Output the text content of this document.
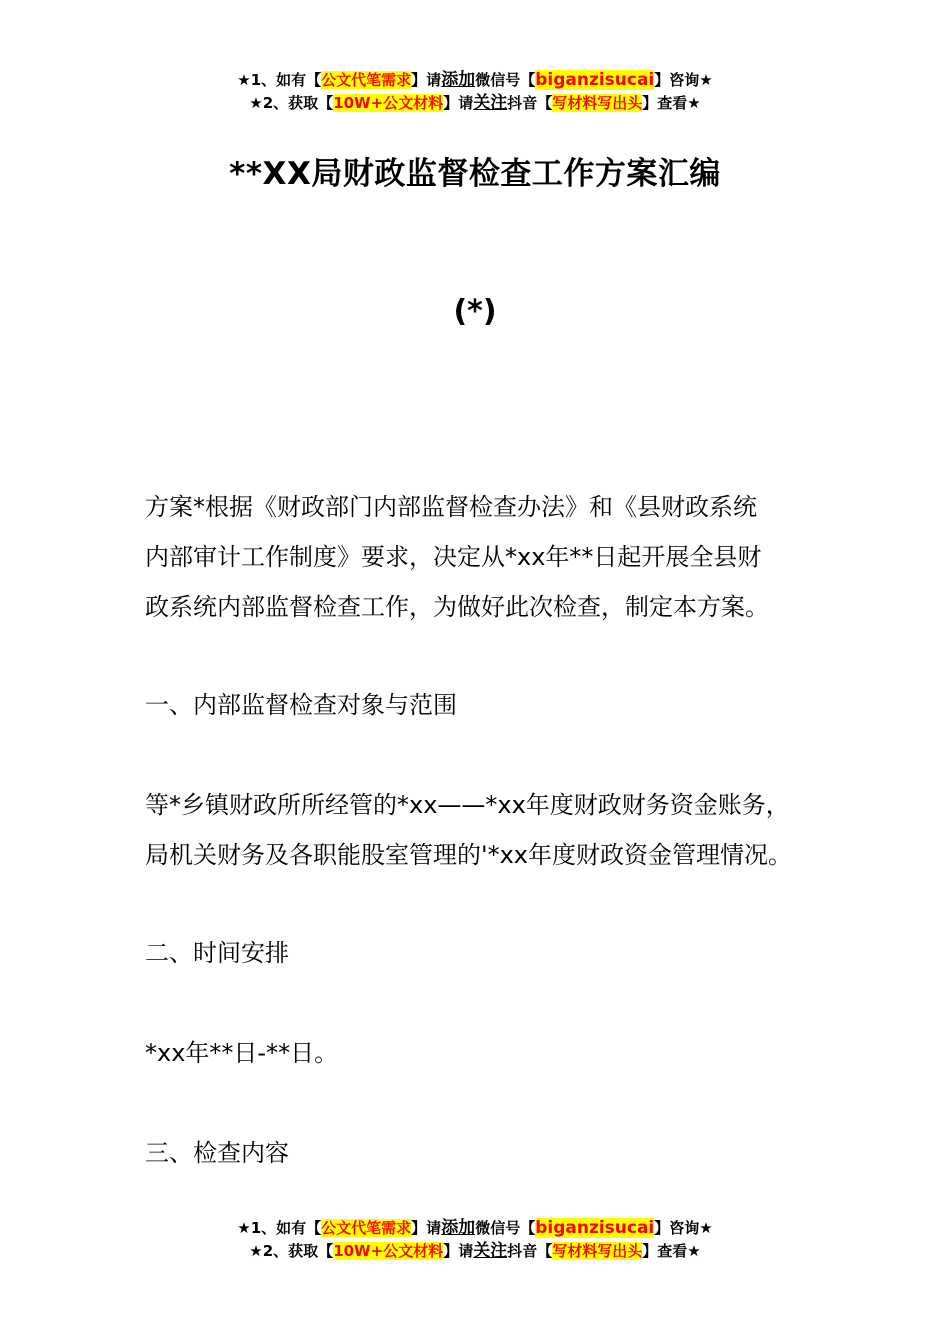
★1、如有【公文代笔需求】请添加微信号【biganzisucai】咨询★
★2、获取【10W+公文材料】请关注抖音【写材料写出头】查看★
**XX局财政监督检查工作方案汇编
(*)

方案*根据《财政部门内部监督检查办法》和《县财政系统

内部审计工作制度》要求，决定从*xx年**日起开展全县财

政系统内部监督检查工作，为做好此次检查，制定本方案。

一、内部监督检查对象与范围

等*乡镇财政所所经管的*xx——*xx年度财政财务资金账务，

局机关财务及各职能股室管理的'*xx年度财政资金管理情况。

二、时间安排
*xx年**日-**日。
三、检查内容
★1、如有【公文代笔需求】请添加微信号【biganzisucai】咨询★
★2、获取【10W+公文材料】请关注抖音【写材料写出头】查看★
